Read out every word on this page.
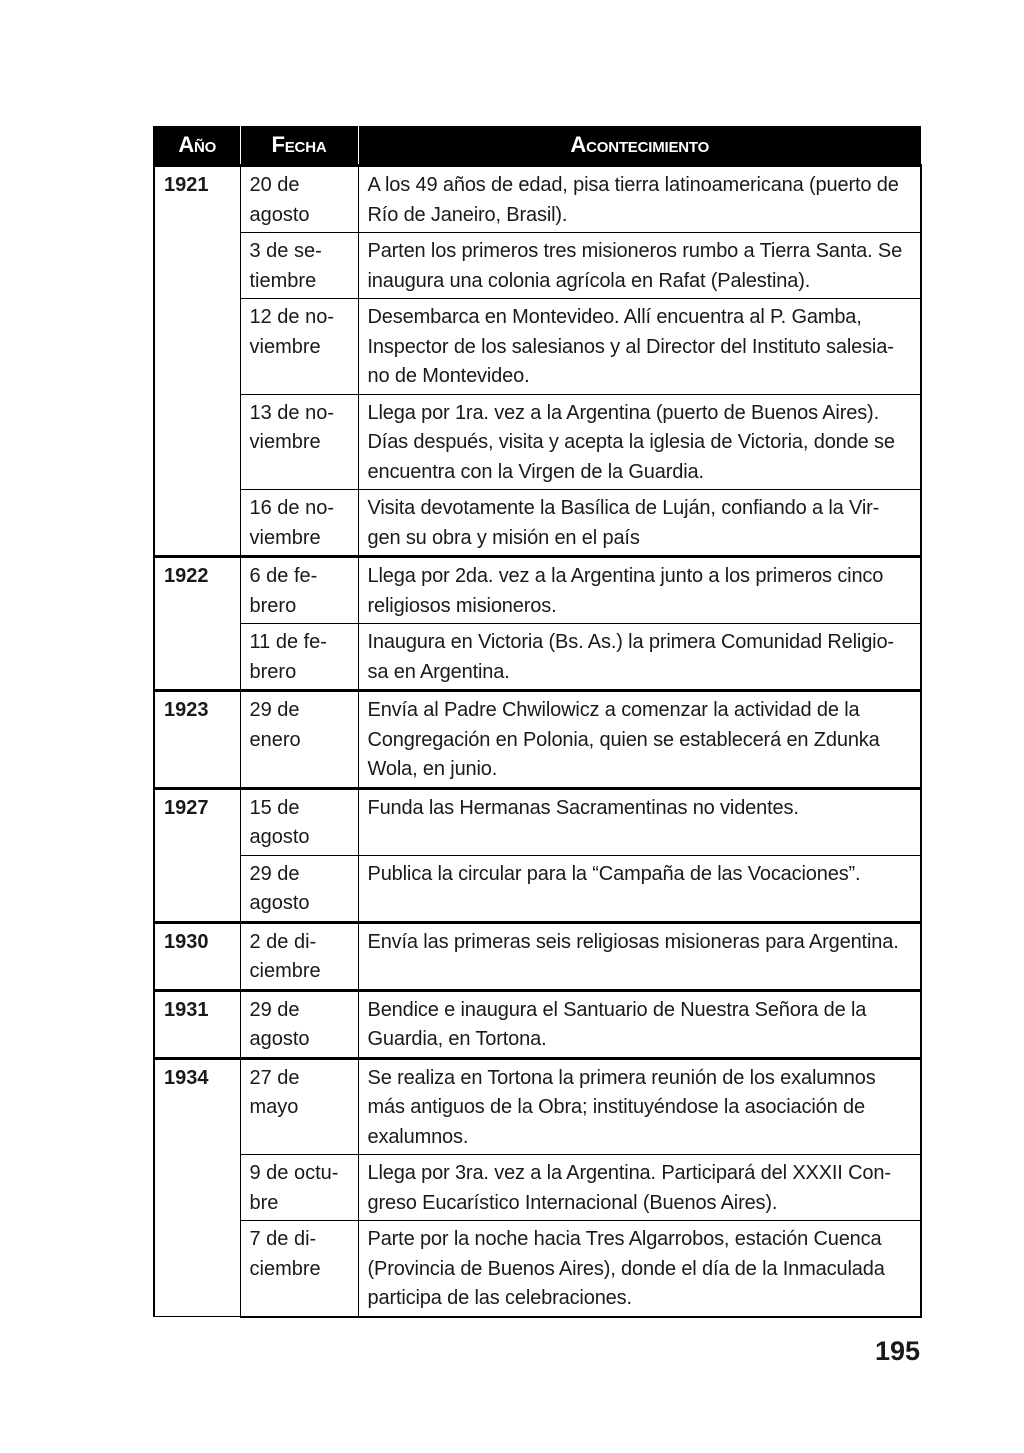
Año	Fecha	Acontecimiento
1921	20 de agosto	A los 49 años de edad, pisa tierra latinoamericana (puerto de Río de Janeiro, Brasil).
	3 de se-tiembre	Parten los primeros tres misioneros rumbo a Tierra Santa. Se inaugura una colonia agrícola en Rafat (Palestina).
	12 de no-viembre	Desembarca en Montevideo. Allí encuentra al P. Gamba, Inspector de los salesianos y al Director del Instituto salesia-no de Montevideo.
	13 de no-viembre	Llega por 1ra. vez a la Argentina (puerto de Buenos Aires). Días después, visita y acepta la iglesia de Victoria, donde se encuentra con la Virgen de la Guardia.
	16 de no-viembre	Visita devotamente la Basílica de Luján, confiando a la Vir-gen su obra y misión en el país
1922	6 de fe-brero	Llega por 2da. vez a la Argentina junto a los primeros cinco religiosos misioneros.
	11 de fe-brero	Inaugura en Victoria (Bs. As.) la primera Comunidad Religio-sa en Argentina.
1923	29 de enero	Envía al Padre Chwilowicz a comenzar la actividad de la Congregación en Polonia, quien se establecerá en Zdunka Wola, en junio.
1927	15 de agosto	Funda las Hermanas Sacramentinas no videntes.
	29 de agosto	Publica la circular para la “Campaña de las Vocaciones”.
1930	2 de di-ciembre	Envía las primeras seis religiosas misioneras para Argentina.
1931	29 de agosto	Bendice e inaugura el Santuario de Nuestra Señora de la Guardia, en Tortona.
1934	27 de mayo	Se realiza en Tortona la primera reunión de los exalumnos más antiguos de la Obra; instituyéndose la asociación de exalumnos.
	9 de octu-bre	Llega por 3ra. vez a la Argentina. Participará del XXXII Con-greso Eucarístico Internacional (Buenos Aires).
	7 de di-ciembre	Parte por la noche hacia Tres Algarrobos, estación Cuenca (Provincia de Buenos Aires), donde el día de la Inmaculada participa de las celebraciones.
195
